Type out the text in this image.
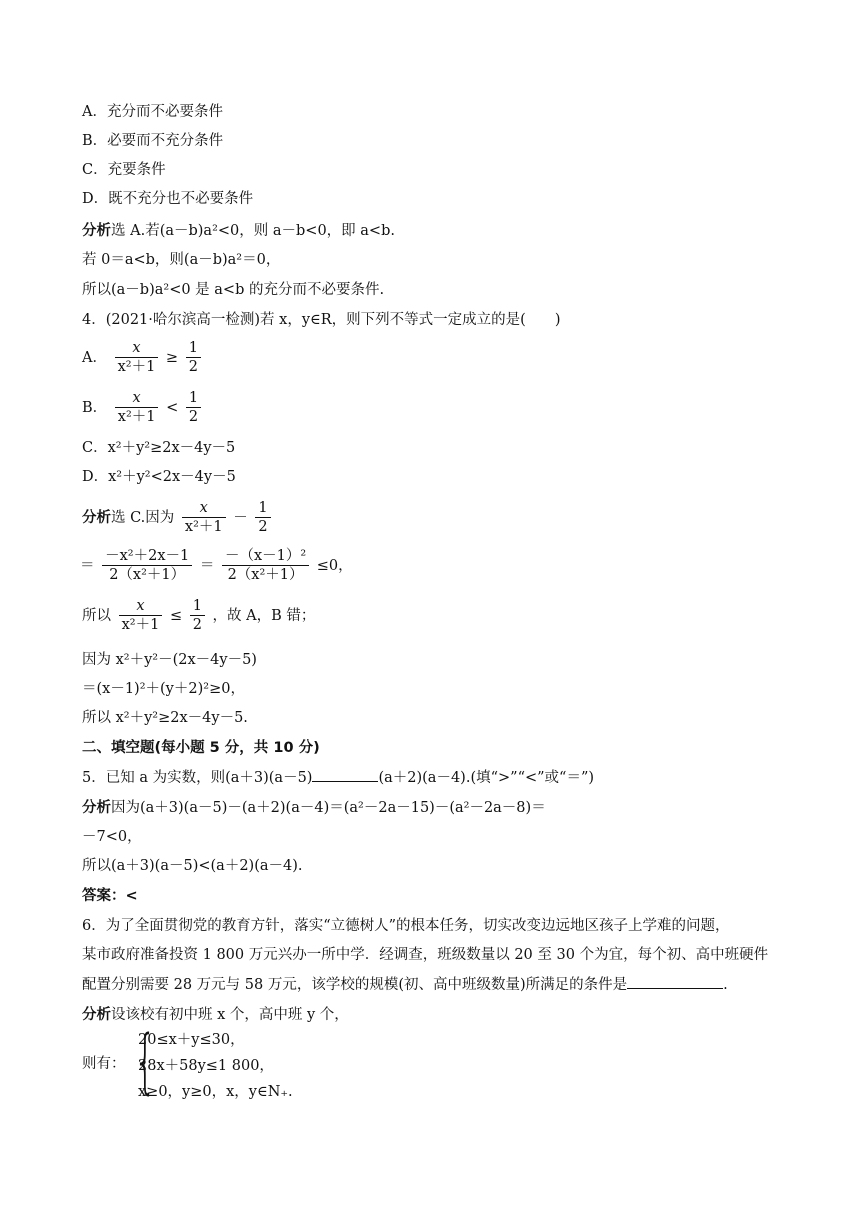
A．充分而不必要条件
B．必要而不充分条件
C．充要条件
D．既不充分也不必要条件
分析选 A.若(a－b)a²<0，则 a－b<0，即 a<b.
若 0＝a<b，则(a－b)a²＝0，
所以(a－b)a²<0 是 a<b 的充分而不必要条件.
4．(2021·哈尔滨高一检测)若 x，y∈R，则下列不等式一定成立的是(　　)
A． $\frac{x}{\text{x²＋1}} \ge \frac{1}{2}$
B． $\frac{x}{\text{x²＋1}} < \frac{1}{2}$
C．x²＋y²≥2x－4y－5
D．x²＋y²<2x－4y－5
分析选 C.因为 $\frac{x}{\text{x²＋1}} - \frac{1}{2}$
＝ $\frac{\text{－x²＋2x－1}}{\text{2（x²＋1）}} = \frac{\text{－（x－1）²}}{\text{2（x²＋1）}} \le 0$，
所以 $\frac{x}{\text{x²＋1}} \le \frac{1}{2}$ ，故 A，B 错；
因为 x²＋y²－(2x－4y－5)
＝(x－1)²＋(y＋2)²≥0，
所以 x²＋y²≥2x－4y－5.
二、填空题(每小题 5 分，共 10 分)
5．已知 a 为实数，则(a＋3)(a－5)	(a＋2)(a－4).(填“>”“<”或“＝”)
分析因为(a＋3)(a－5)－(a＋2)(a－4)＝(a²－2a－15)－(a²－2a－8)＝
－7<0，
所以(a＋3)(a－5)<(a＋2)(a－4).
答案：<
6．为了全面贯彻党的教育方针，落实“立德树人”的根本任务，切实改变边远地区孩子上学难的问题，
某市政府准备投资 1 800 万元兴办一所中学．经调查，班级数量以 20 至 30 个为宜，每个初、高中班硬件
配置分别需要 28 万元与 58 万元，该学校的规模(初、高中班级数量)所满足的条件是	.
分析设该校有初中班 x 个，高中班 y 个，
则有： {
20≤x＋y≤30，
28x＋58y≤1 800，
x≥0，y≥0，x，y∈N₊.
